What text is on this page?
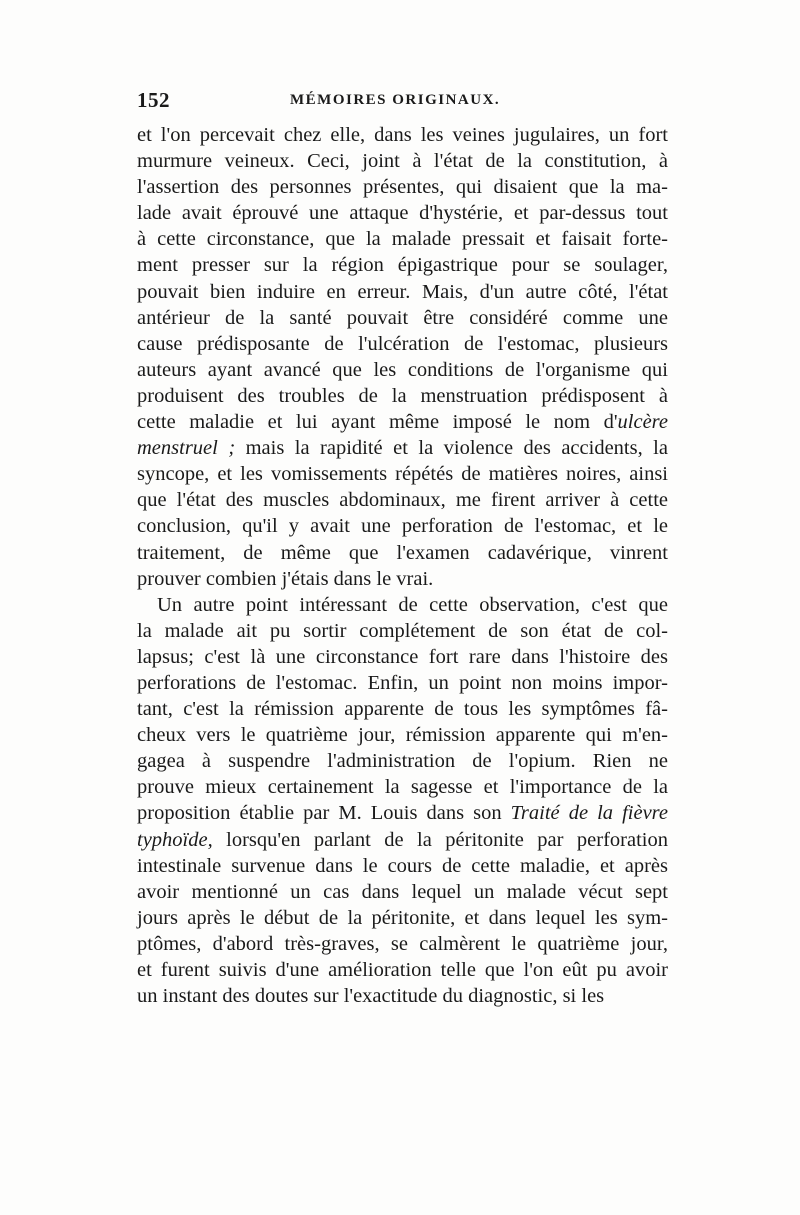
152	MÉMOIRES ORIGINAUX.
et l'on percevait chez elle, dans les veines jugulaires, un fort
murmure veineux. Ceci, joint à l'état de la constitution, à
l'assertion des personnes présentes, qui disaient que la ma-
lade avait éprouvé une attaque d'hystérie, et par-dessus tout
à cette circonstance, que la malade pressait et faisait forte-
ment presser sur la région épigastrique pour se soulager,
pouvait bien induire en erreur. Mais, d'un autre côté, l'état
antérieur de la santé pouvait être considéré comme une
cause prédisposante de l'ulcération de l'estomac, plusieurs
auteurs ayant avancé que les conditions de l'organisme qui
produisent des troubles de la menstruation prédisposent à
cette maladie et lui ayant même imposé le nom d'ulcère
menstruel ; mais la rapidité et la violence des accidents, la
syncope, et les vomissements répétés de matières noires, ainsi
que l'état des muscles abdominaux, me firent arriver à cette
conclusion, qu'il y avait une perforation de l'estomac, et le
traitement, de même que l'examen cadavérique, vinrent
prouver combien j'étais dans le vrai.
Un autre point intéressant de cette observation, c'est que
la malade ait pu sortir complétement de son état de col-
lapsus; c'est là une circonstance fort rare dans l'histoire des
perforations de l'estomac. Enfin, un point non moins impor-
tant, c'est la rémission apparente de tous les symptômes fâ-
cheux vers le quatrième jour, rémission apparente qui m'en-
gagea à suspendre l'administration de l'opium. Rien ne
prouve mieux certainement la sagesse et l'importance de la
proposition établie par M. Louis dans son Traité de la fièvre
typhoïde, lorsqu'en parlant de la péritonite par perforation
intestinale survenue dans le cours de cette maladie, et après
avoir mentionné un cas dans lequel un malade vécut sept
jours après le début de la péritonite, et dans lequel les sym-
ptômes, d'abord très-graves, se calmèrent le quatrième jour,
et furent suivis d'une amélioration telle que l'on eût pu avoir
un instant des doutes sur l'exactitude du diagnostic, si les
